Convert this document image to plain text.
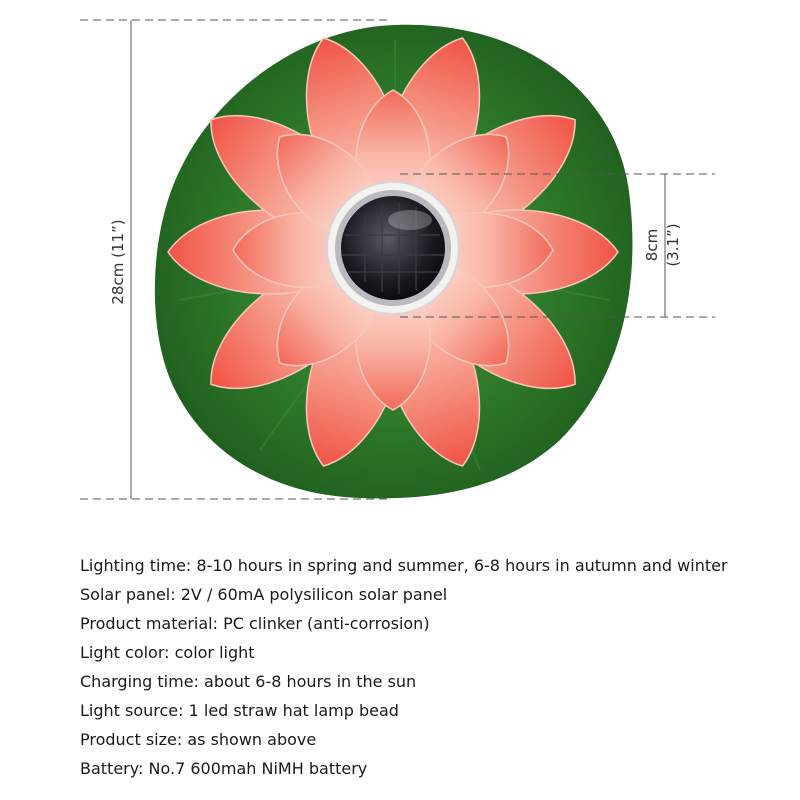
28cm (11”)	8cm (3.1”)
Lighting time: 8-10 hours in spring and summer, 6-8 hours in autumn and winter
Solar panel: 2V / 60mA polysilicon solar panel
Product material: PC clinker (anti-corrosion)
Light color: color light
Charging time: about 6-8 hours in the sun
Light source: 1 led straw hat lamp bead
Product size: as shown above
Battery: No.7 600mah NiMH battery
